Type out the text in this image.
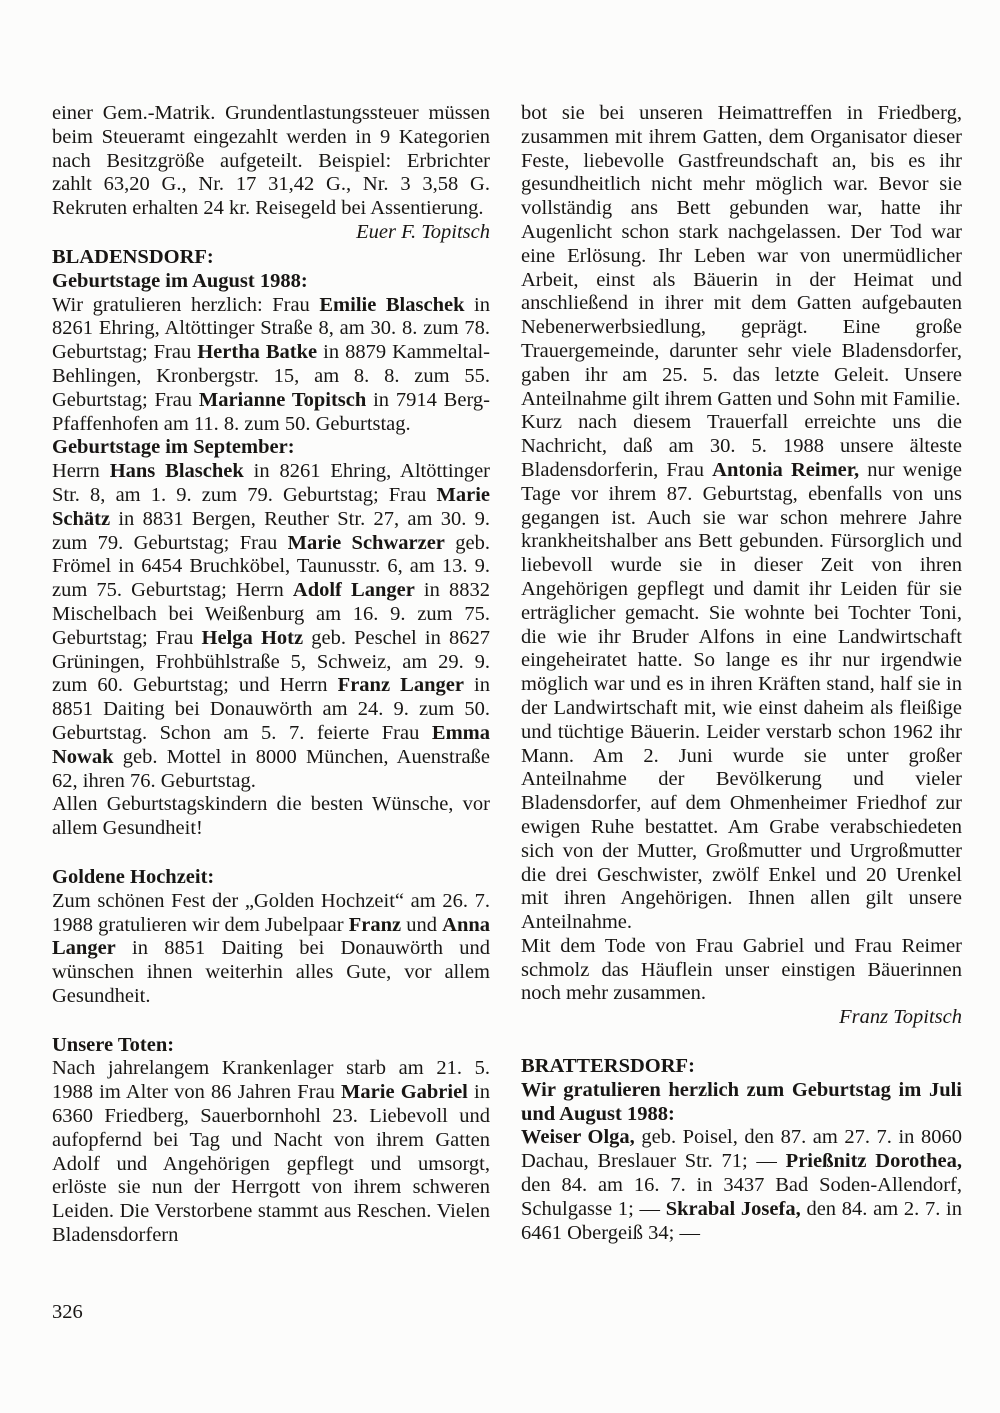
einer Gem.-Matrik. Grundentlastungssteuer müssen beim Steueramt eingezahlt werden in 9 Kategorien nach Besitzgröße aufgeteilt. Beispiel: Erbrichter zahlt 63,20 G., Nr. 17 31,42 G., Nr. 3 3,58 G. Rekruten erhalten 24 kr. Reisegeld bei Assentierung.
Euer F. Topitsch

BLADENSDORF:
Geburtstage im August 1988:

Wir gratulieren herzlich: Frau Emilie Blaschek in 8261 Ehring, Altöttinger Straße 8, am 30. 8. zum 78. Geburtstag; Frau Hertha Batke in 8879 Kammeltal-Behlingen, Kronbergstr. 15, am 8. 8. zum 55. Geburtstag; Frau Marianne Topitsch in 7914 Berg-Pfaffenhofen am 11. 8. zum 50. Geburtstag.

Geburtstage im September:

Herrn Hans Blaschek in 8261 Ehring, Altöttinger Str. 8, am 1. 9. zum 79. Geburtstag; Frau Marie Schätz in 8831 Bergen, Reuther Str. 27, am 30. 9. zum 79. Geburtstag; Frau Marie Schwarzer geb. Frömel in 6454 Bruchköbel, Taunusstr. 6, am 13. 9. zum 75. Geburtstag; Herrn Adolf Langer in 8832 Mischelbach bei Weißenburg am 16. 9. zum 75. Geburtstag; Frau Helga Hotz geb. Peschel in 8627 Grüningen, Frohbühlstraße 5, Schweiz, am 29. 9. zum 60. Geburtstag; und Herrn Franz Langer in 8851 Daiting bei Donauwörth am 24. 9. zum 50. Geburtstag. Schon am 5. 7. feierte Frau Emma Nowak geb. Mottel in 8000 München, Auenstraße 62, ihren 76. Geburtstag.

Allen Geburtstagskindern die besten Wünsche, vor allem Gesundheit!

Goldene Hochzeit:

Zum schönen Fest der „Golden Hochzeit“ am 26. 7. 1988 gratulieren wir dem Jubelpaar Franz und Anna Langer in 8851 Daiting bei Donauwörth und wünschen ihnen weiterhin alles Gute, vor allem Gesundheit.

Unsere Toten:

Nach jahrelangem Krankenlager starb am 21. 5. 1988 im Alter von 86 Jahren Frau Marie Gabriel in 6360 Friedberg, Sauerbornhohl 23. Liebevoll und aufopfernd bei Tag und Nacht von ihrem Gatten Adolf und Angehörigen gepflegt und umsorgt, erlöste sie nun der Herrgott von ihrem schweren Leiden. Die Verstorbene stammt aus Reschen. Vielen Bladensdorfern

bot sie bei unseren Heimattreffen in Friedberg, zusammen mit ihrem Gatten, dem Organisator dieser Feste, liebevolle Gastfreundschaft an, bis es ihr gesundheitlich nicht mehr möglich war. Bevor sie vollständig ans Bett gebunden war, hatte ihr Augenlicht schon stark nachgelassen. Der Tod war eine Erlösung. Ihr Leben war von unermüdlicher Arbeit, einst als Bäuerin in der Heimat und anschließend in ihrer mit dem Gatten aufgebauten Nebenerwerbsiedlung, geprägt. Eine große Trauergemeinde, darunter sehr viele Bladensdorfer, gaben ihr am 25. 5. das letzte Geleit. Unsere Anteilnahme gilt ihrem Gatten und Sohn mit Familie.

Kurz nach diesem Trauerfall erreichte uns die Nachricht, daß am 30. 5. 1988 unsere älteste Bladensdorferin, Frau Antonia Reimer, nur wenige Tage vor ihrem 87. Geburtstag, ebenfalls von uns gegangen ist. Auch sie war schon mehrere Jahre krankheitshalber ans Bett gebunden. Fürsorglich und liebevoll wurde sie in dieser Zeit von ihren Angehörigen gepflegt und damit ihr Leiden für sie erträglicher gemacht. Sie wohnte bei Tochter Toni, die wie ihr Bruder Alfons in eine Landwirtschaft eingeheiratet hatte. So lange es ihr nur irgendwie möglich war und es in ihren Kräften stand, half sie in der Landwirtschaft mit, wie einst daheim als fleißige und tüchtige Bäuerin. Leider verstarb schon 1962 ihr Mann. Am 2. Juni wurde sie unter großer Anteilnahme der Bevölkerung und vieler Bladensdorfer, auf dem Ohmenheimer Friedhof zur ewigen Ruhe bestattet. Am Grabe verabschiedeten sich von der Mutter, Großmutter und Urgroßmutter die drei Geschwister, zwölf Enkel und 20 Urenkel mit ihren Angehörigen. Ihnen allen gilt unsere Anteilnahme.

Mit dem Tode von Frau Gabriel und Frau Reimer schmolz das Häuflein unser einstigen Bäuerinnen noch mehr zusammen.

Franz Topitsch

BRATTERSDORF:
Wir gratulieren herzlich zum Geburtstag im Juli und August 1988:

Weiser Olga, geb. Poisel, den 87. am 27. 7. in 8060 Dachau, Breslauer Str. 71; — Prießnitz Dorothea, den 84. am 16. 7. in 3437 Bad Soden-Allendorf, Schulgasse 1; — Skrabal Josefa, den 84. am 2. 7. in 6461 Obergeiß 34; —

326
